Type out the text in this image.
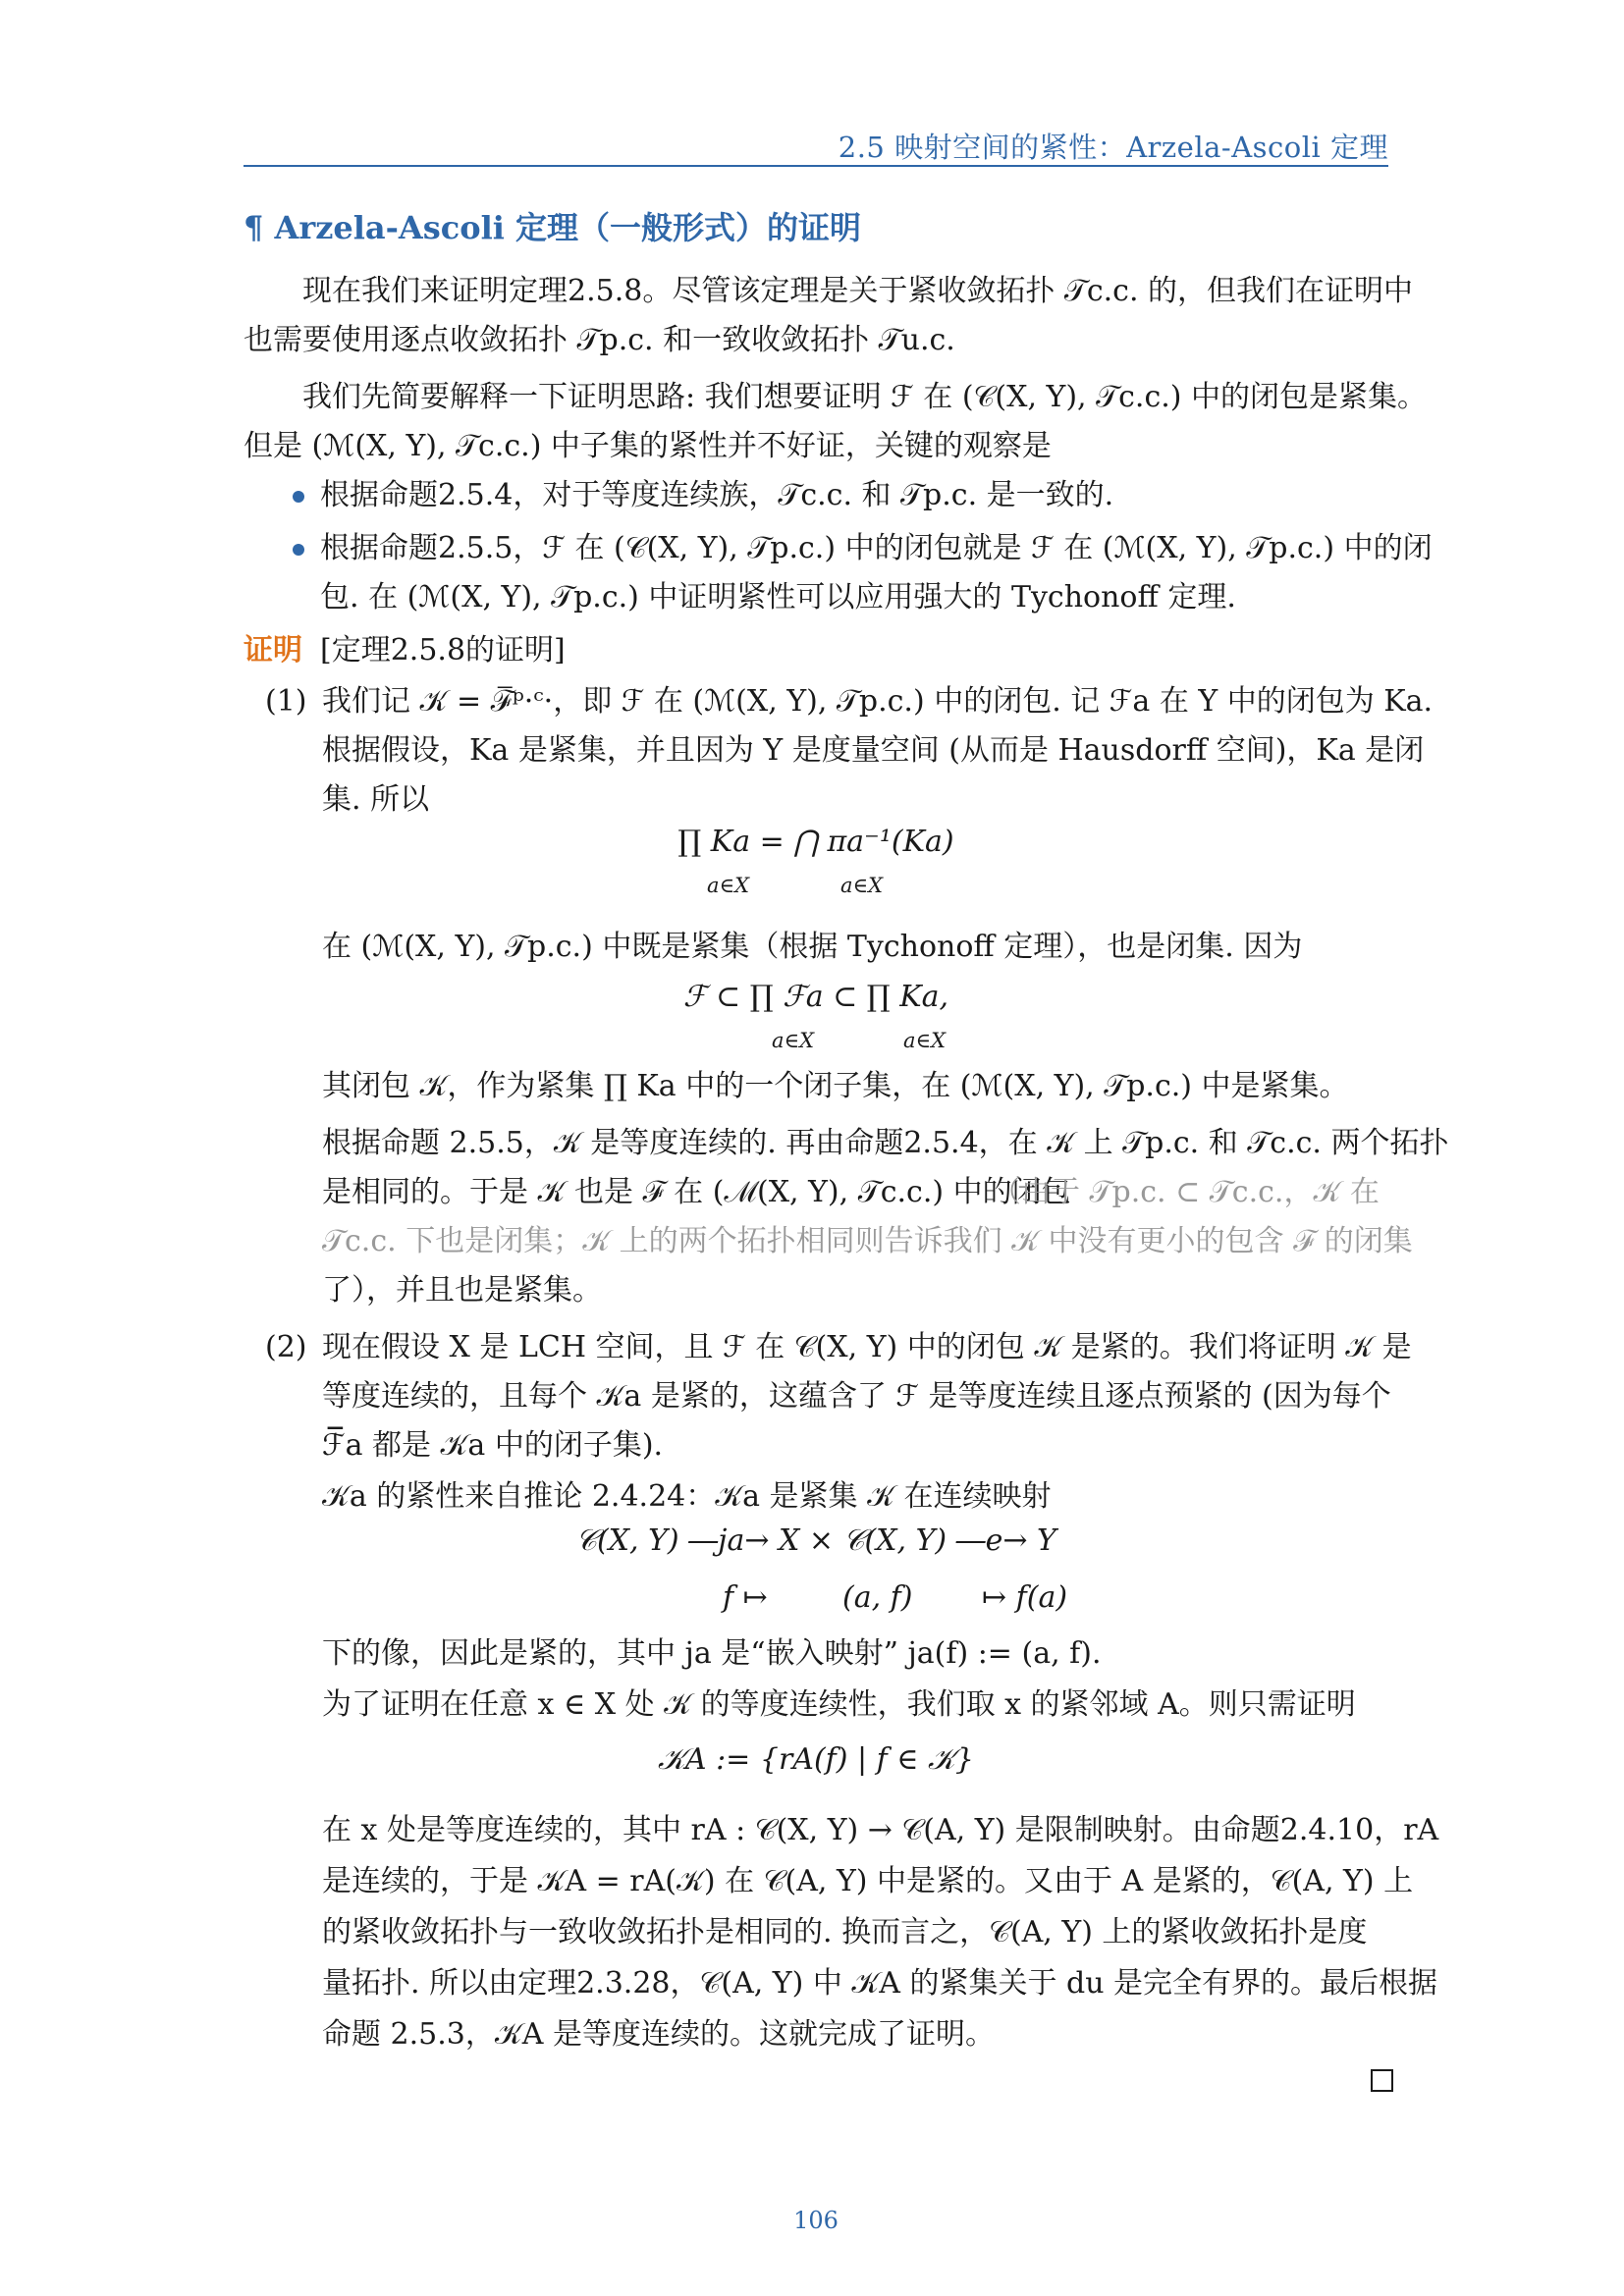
2.5 映射空间的紧性：Arzela-Ascoli 定理
¶ Arzela-Ascoli 定理（一般形式）的证明
现在我们来证明定理2.5.8。尽管该定理是关于紧收敛拓扑 𝒯c.c. 的，但我们在证明中
也需要使用逐点收敛拓扑 𝒯p.c. 和一致收敛拓扑 𝒯u.c.
我们先简要解释一下证明思路: 我们想要证明 ℱ 在 (𝒞(X, Y), 𝒯c.c.) 中的闭包是紧集。
但是 (ℳ(X, Y), 𝒯c.c.) 中子集的紧性并不好证，关键的观察是
根据命题2.5.4，对于等度连续族，𝒯c.c. 和 𝒯p.c. 是一致的.
根据命题2.5.5，ℱ 在 (𝒞(X, Y), 𝒯p.c.) 中的闭包就是 ℱ 在 (ℳ(X, Y), 𝒯p.c.) 中的闭
包. 在 (ℳ(X, Y), 𝒯p.c.) 中证明紧性可以应用强大的 Tychonoff 定理.
证明 [定理2.5.8的证明]
(1) 我们记 𝒦 = ℱ̅ᵖ·ᶜ·，即 ℱ 在 (ℳ(X, Y), 𝒯p.c.) 中的闭包. 记 ℱa 在 Y 中的闭包为 Ka.
根据假设，Ka 是紧集，并且因为 Y 是度量空间 (从而是 Hausdorff 空间)，Ka 是闭
集. 所以
∏ Ka = ⋂ πa⁻¹(Ka)
a∈X	a∈X
在 (ℳ(X, Y), 𝒯p.c.) 中既是紧集（根据 Tychonoff 定理），也是闭集. 因为
ℱ ⊂ ∏ ℱa ⊂ ∏ Ka,
a∈X	a∈X
其闭包 𝒦，作为紧集 ∏ Ka 中的一个闭子集，在 (ℳ(X, Y), 𝒯p.c.) 中是紧集。
根据命题 2.5.5，𝒦 是等度连续的. 再由命题2.5.4，在 𝒦 上 𝒯p.c. 和 𝒯c.c. 两个拓扑
是相同的。于是 𝒦 也是 ℱ 在 (ℳ(X, Y), 𝒯c.c.) 中的闭包
（由于 𝒯p.c. ⊂ 𝒯c.c.，𝒦 在
𝒯c.c. 下也是闭集；𝒦 上的两个拓扑相同则告诉我们 𝒦 中没有更小的包含 ℱ 的闭集
了），并且也是紧集。
(2) 现在假设 X 是 LCH 空间，且 ℱ 在 𝒞(X, Y) 中的闭包 𝒦 是紧的。我们将证明 𝒦 是
等度连续的，且每个 𝒦a 是紧的，这蕴含了 ℱ 是等度连续且逐点预紧的 (因为每个
ℱ̅a 都是 𝒦a 中的闭子集).
𝒦a 的紧性来自推论 2.4.24：𝒦a 是紧集 𝒦 在连续映射
𝒞(X, Y) ―ja→ X × 𝒞(X, Y) ―e→ Y
f ↦	(a, f) ↦ f(a)
下的像，因此是紧的，其中 ja 是“嵌入映射” ja(f) := (a, f).
为了证明在任意 x ∈ X 处 𝒦 的等度连续性，我们取 x 的紧邻域 A。则只需证明
𝒦A := {rA(f) | f ∈ 𝒦}
在 x 处是等度连续的，其中 rA : 𝒞(X, Y) → 𝒞(A, Y) 是限制映射。由命题2.4.10，rA
是连续的，于是 𝒦A = rA(𝒦) 在 𝒞(A, Y) 中是紧的。又由于 A 是紧的，𝒞(A, Y) 上
的紧收敛拓扑与一致收敛拓扑是相同的. 换而言之，𝒞(A, Y) 上的紧收敛拓扑是度
量拓扑. 所以由定理2.3.28，𝒞(A, Y) 中 𝒦A 的紧集关于 du 是完全有界的。最后根据
命题 2.5.3，𝒦A 是等度连续的。这就完成了证明。
106
